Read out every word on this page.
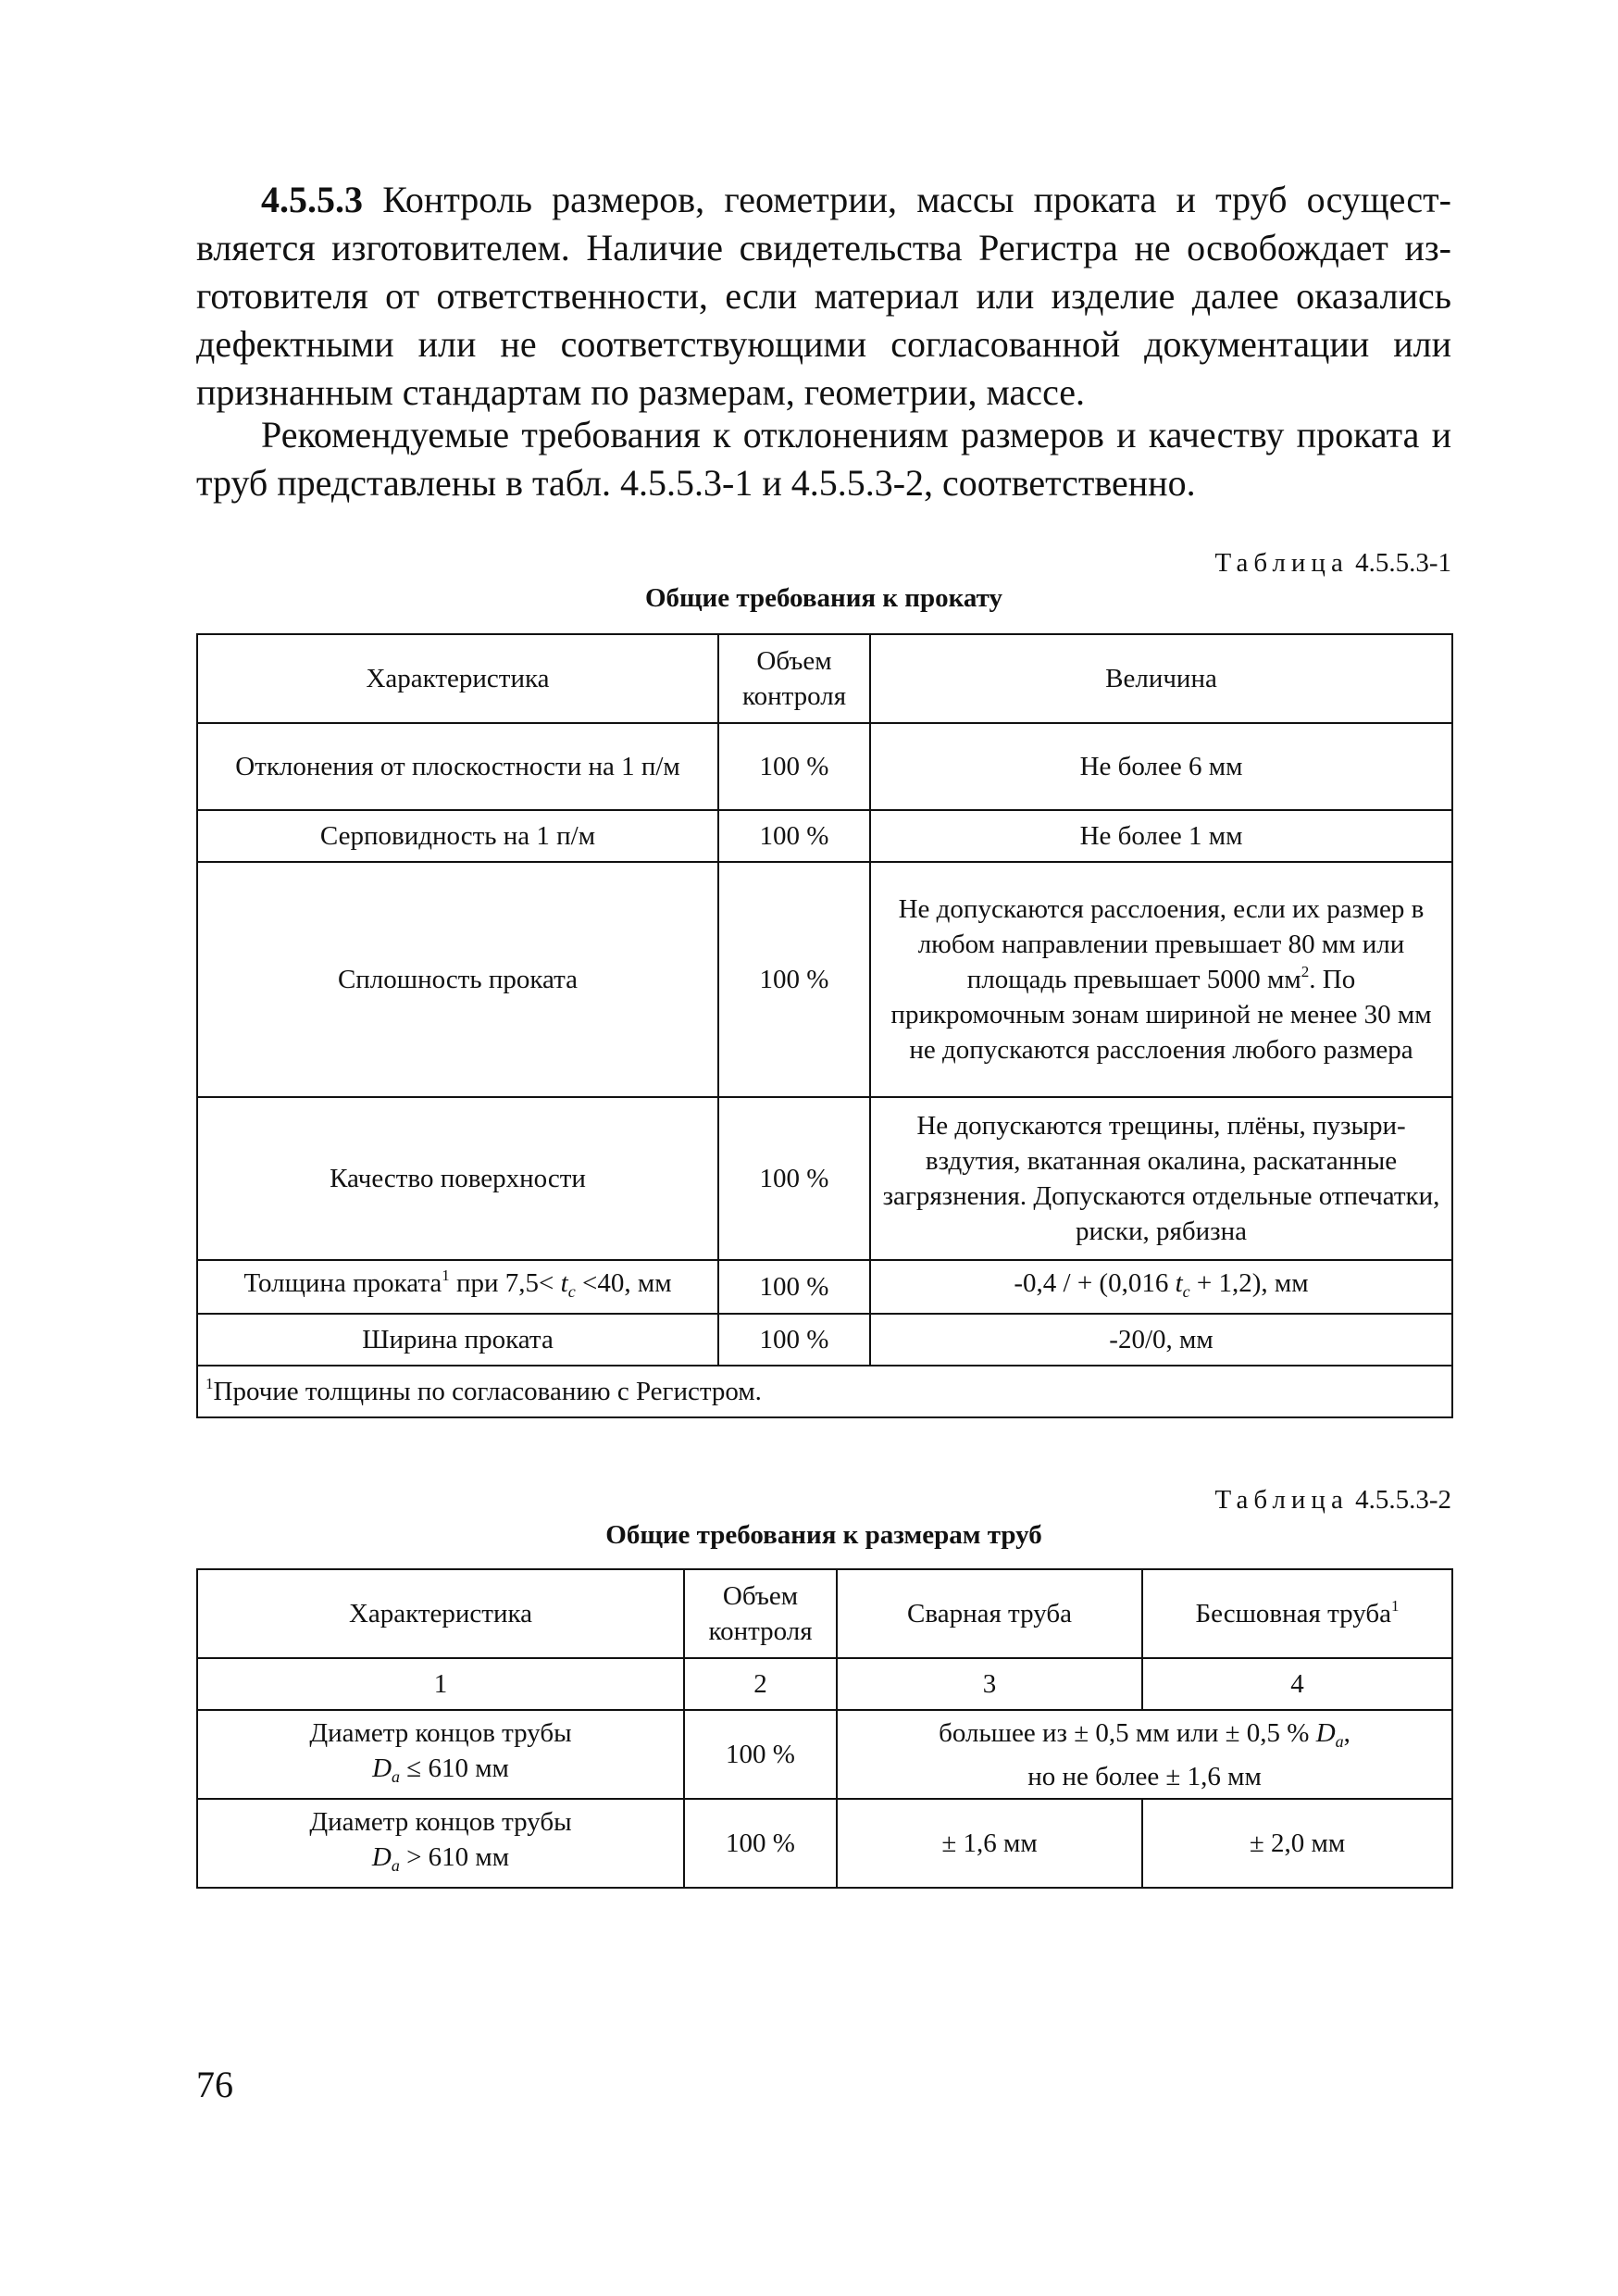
4.5.5.3 Контроль размеров, геометрии, массы проката и труб осуществляется изготовителем. Наличие свидетельства Регистра не освобождает изготовителя от ответственности, если материал или изделие далее оказались дефектными или не соответствующими согласованной документации или признанным стандартам по размерам, геометрии, массе.
Рекомендуемые требования к отклонениям размеров и качеству проката и труб представлены в табл. 4.5.5.3-1 и 4.5.5.3-2, соответственно.
Таблица 4.5.5.3-1
Общие требования к прокату
Характеристика	Объем контроля	Величина
Отклонения от плоскостности на 1 п/м	100 %	Не более 6 мм
Серповидность на 1 п/м	100 %	Не более 1 мм
Сплошность проката	100 %	Не допускаются расслоения, если их размер в любом направлении превышает 80 мм или площадь превышает 5000 $мм^2$. По прикромочным зонам шириной не менее 30 мм не допускаются расслоения любого размера
Качество поверхности	100 %	Не допускаются трещины, плёны, пузыри-вздутия, вкатанная окалина, раскатанные загрязнения. Допускаются отдельные отпечатки, риски, рябизна
Толщина проката$^1$ при $7,5< t_c <40$, мм	100 %	-0,4 / + (0,016 $t_c + 1,2$), мм
Ширина проката	100 %	-20/0, мм
$^1$Прочие толщины по согласованию с Регистром.		
Таблица 4.5.5.3-2
Общие требования к размерам труб
Характеристика	Объем контроля	Сварная труба	Бесшовная труба$^1$
1	2	3	4
Диаметр концов трубы
$D_a \le 610$ мм	100 %	большее из ± 0,5 мм или ± 0,5 % $D_a$,
но не более ± 1,6 мм	
Диаметр концов трубы
$D_a > 610$ мм	100 %	± 1,6 мм	± 2,0 мм
76
